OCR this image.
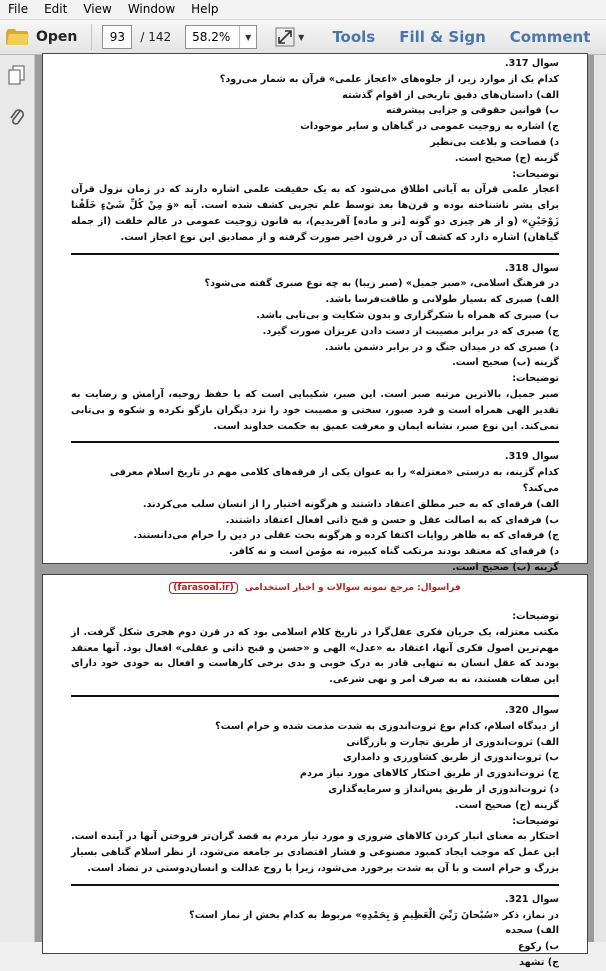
File	Edit	View	Window	Help
Open	93	/ 142	58.2%	▼	▼ Tools Fill & Sign Comment

سوال 317.

کدام یک از موارد زیر، از جلوه‌های «اعجاز علمی» قرآن به شمار می‌رود؟

الف) داستان‌های دقیق تاریخی از اقوام گذشته

ب) قوانین حقوقی و جزایی پیشرفته

ج) اشاره به زوجیت عمومی در گیاهان و سایر موجودات

د) فصاحت و بلاغت بی‌نظیر

گزینه (ج) صحیح است.

توضیحات:

اعجاز علمی قرآن به آیاتی اطلاق می‌شود که به یک حقیقت علمی اشاره دارند که در زمان نزول قرآن برای بشر ناشناخته بوده و قرن‌ها بعد توسط علم تجربی کشف شده است. آیه «وَ مِنْ كُلِّ شَيْءٍ خَلَقْنا زَوْجَيْنِ» (و از هر چیزی دو گونه [نر و ماده] آفریدیم)، به قانون زوجیت عمومی در عالم خلقت (از جمله گیاهان) اشاره دارد که کشف آن در قرون اخیر صورت گرفته و از مصادیق این نوع اعجاز است.

سوال 318.

در فرهنگ اسلامی، «صبر جمیل» (صبر زیبا) به چه نوع صبری گفته می‌شود؟

الف) صبری که بسیار طولانی و طاقت‌فرسا باشد.

ب) صبری که همراه با شکرگزاری و بدون شکایت و بی‌تابی باشد.

ج) صبری که در برابر مصیبت از دست دادن عزیزان صورت گیرد.

د) صبری که در میدان جنگ و در برابر دشمن باشد.

گزینه (ب) صحیح است.

توضیحات:

صبر جمیل، بالاترین مرتبه صبر است. این صبر، شکیبایی است که با حفظ روحیه، آرامش و رضایت به تقدیر الهی همراه است و فرد صبور، سختی و مصیبت خود را نزد دیگران بازگو نکرده و شکوه و بی‌تابی نمی‌کند. این نوع صبر، نشانه ایمان و معرفت عمیق به حکمت خداوند است.

سوال 319.

کدام گزینه، به درستی «معتزله» را به عنوان یکی از فرقه‌های کلامی مهم در تاریخ اسلام معرفی می‌کند؟

الف) فرقه‌ای که به جبر مطلق اعتقاد داشتند و هرگونه اختیار را از انسان سلب می‌کردند.

ب) فرقه‌ای که به اصالت عقل و حسن و قبح ذاتی افعال اعتقاد داشتند.

ج) فرقه‌ای که به ظاهر روایات اکتفا کرده و هرگونه بحث عقلی در دین را حرام می‌دانستند.

د) فرقه‌ای که معتقد بودند مرتکب گناه کبیره، نه مؤمن است و نه کافر.

گزینه (ب) صحیح است.

فراسوال: مرجع نمونه سوالات و اخبار استخدامی (farasoal.ir)

توضیحات:

مکتب معتزله، یک جریان فکری عقل‌گرا در تاریخ کلام اسلامی بود که در قرن دوم هجری شکل گرفت. از مهم‌ترین اصول فکری آنها، اعتقاد به «عدل» الهی و «حسن و قبح ذاتی و عقلی» افعال بود. آنها معتقد بودند که عقل انسان به تنهایی قادر به درک خوبی و بدی برخی کارهاست و افعال به خودی خود دارای این صفات هستند، نه به صرف امر و نهی شرعی.

سوال 320.

از دیدگاه اسلام، کدام نوع ثروت‌اندوزی به شدت مذمت شده و حرام است؟

الف) ثروت‌اندوزی از طریق تجارت و بازرگانی

ب) ثروت‌اندوزی از طریق کشاورزی و دامداری

ج) ثروت‌اندوزی از طریق احتکار کالاهای مورد نیاز مردم

د) ثروت‌اندوزی از طریق پس‌انداز و سرمایه‌گذاری

گزینه (ج) صحیح است.

توضیحات:

احتکار به معنای انبار کردن کالاهای ضروری و مورد نیاز مردم به قصد گران‌تر فروختن آنها در آینده است. این عمل که موجب ایجاد کمبود مصنوعی و فشار اقتصادی بر جامعه می‌شود، از نظر اسلام گناهی بسیار بزرگ و حرام است و با آن به شدت برخورد می‌شود، زیرا با روح عدالت و انسان‌دوستی در تضاد است.

سوال 321.

در نماز، ذکر «سُبْحانَ رَبِّيَ الْعَظِيمِ وَ بِحَمْدِهِ» مربوط به کدام بخش از نماز است؟

الف) سجده

ب) رکوع

ج) تشهد
